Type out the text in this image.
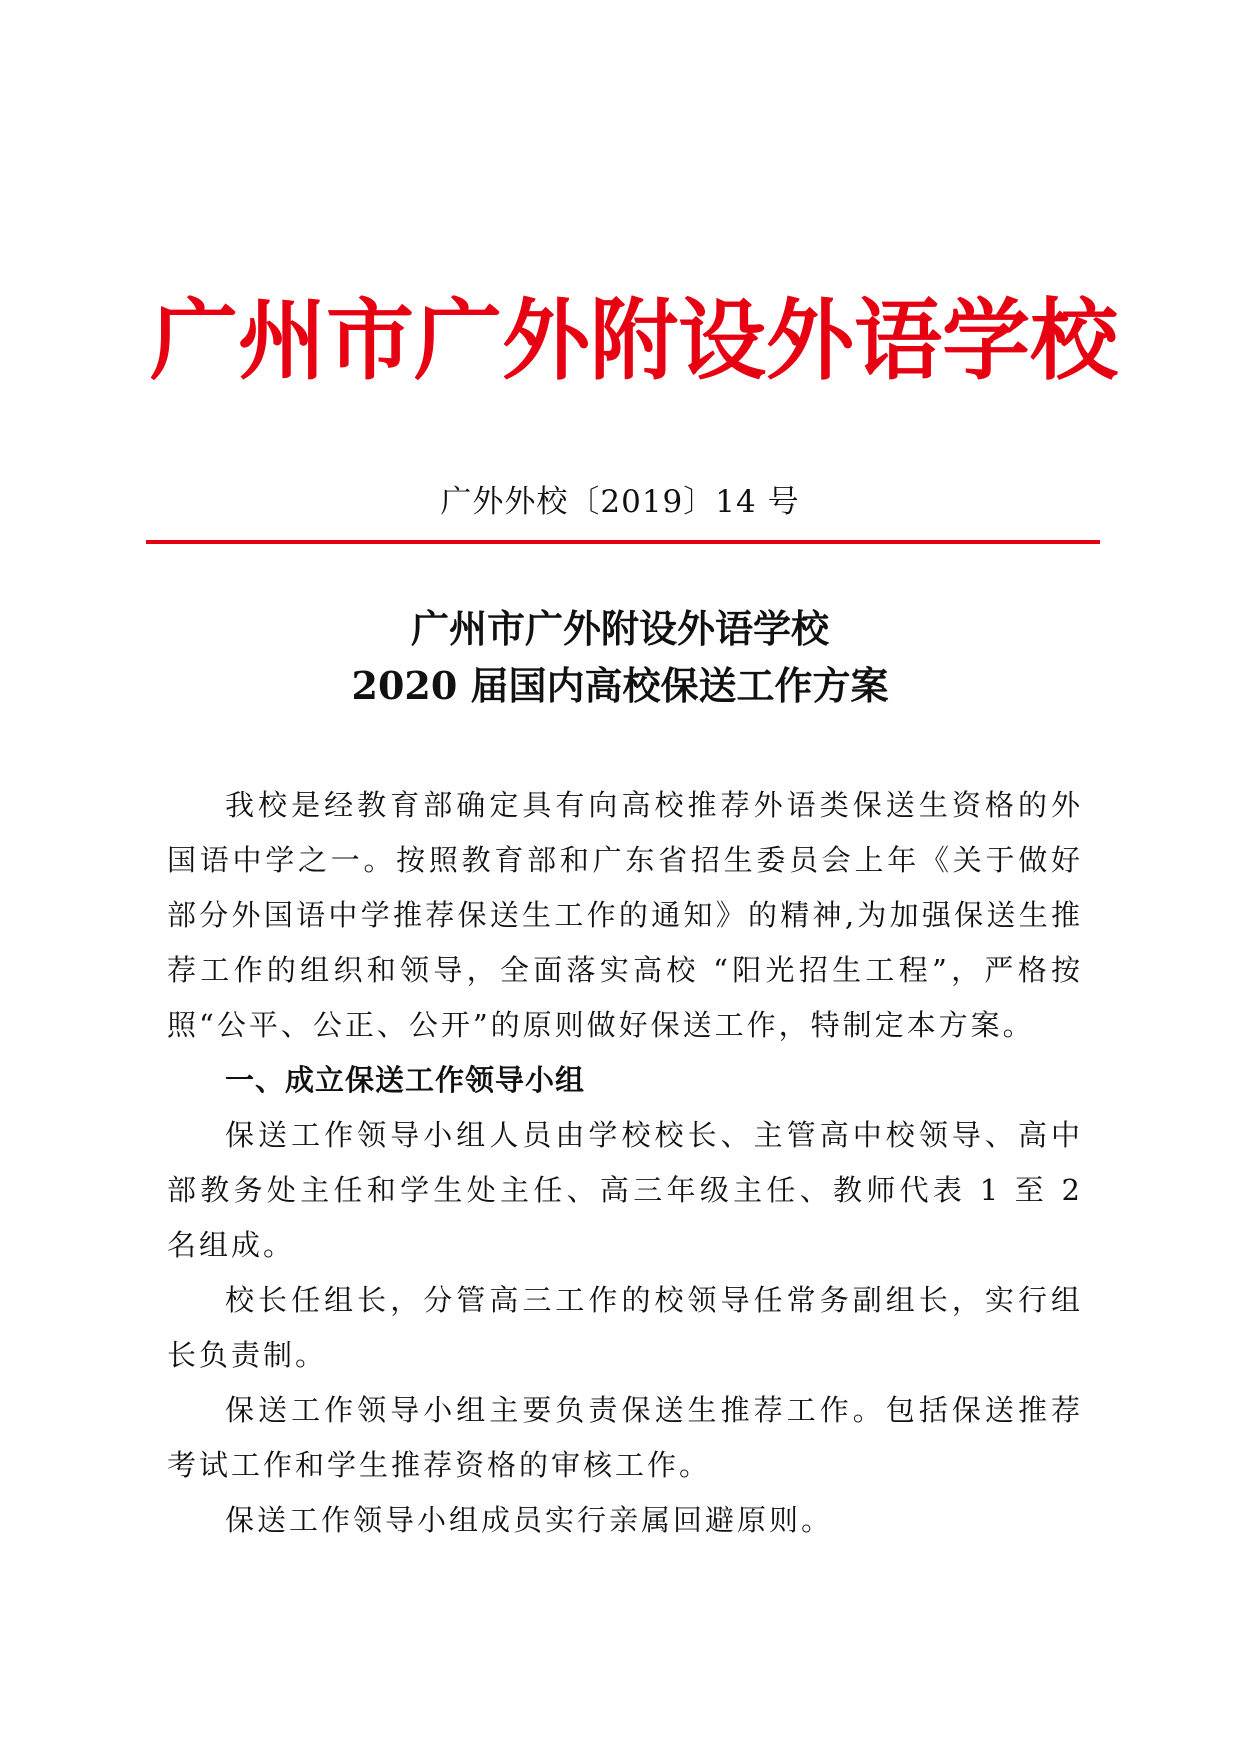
广州市广外附设外语学校
广外外校〔2019〕14 号
广州市广外附设外语学校
2020 届国内高校保送工作方案

我校是经教育部确定具有向高校推荐外语类保送生资格的外国语中学之一。按照教育部和广东省招生委员会上年《关于做好部分外国语中学推荐保送生工作的通知》的精神,为加强保送生推荐工作的组织和领导，全面落实高校 “阳光招生工程”，严格按照“公平、公正、公开”的原则做好保送工作，特制定本方案。

一、成立保送工作领导小组

保送工作领导小组人员由学校校长、主管高中校领导、高中部教务处主任和学生处主任、高三年级主任、教师代表 1 至 2 名组成。

校长任组长，分管高三工作的校领导任常务副组长，实行组长负责制。

保送工作领导小组主要负责保送生推荐工作。包括保送推荐考试工作和学生推荐资格的审核工作。

保送工作领导小组成员实行亲属回避原则。
